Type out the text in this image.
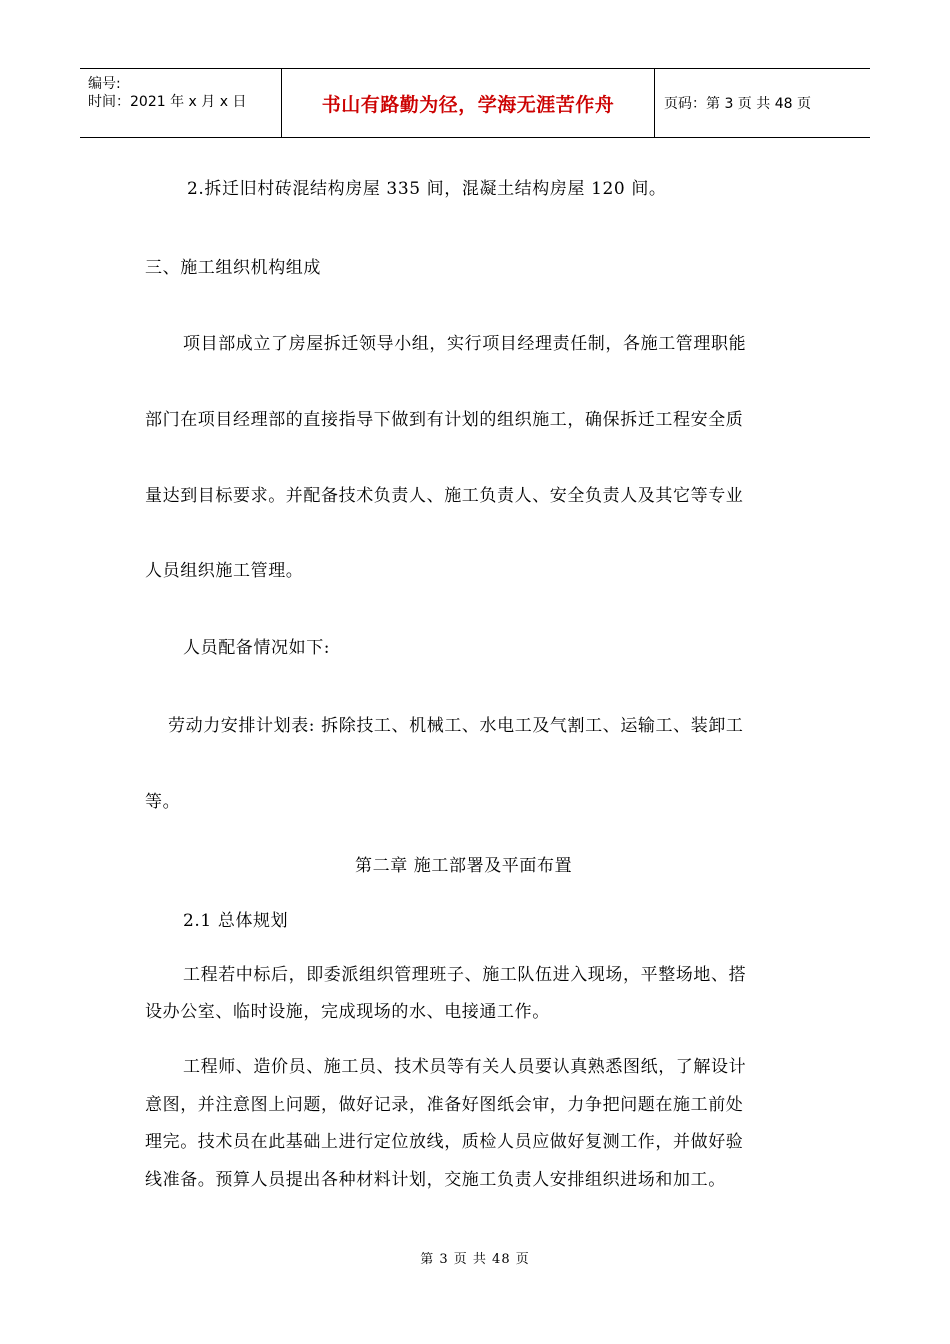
编号:
时间：2021 年 x 月 x 日	书山有路勤为径，学海无涯苦作舟	页码：第 3 页 共 48 页
2.拆迁旧村砖混结构房屋 335 间，混凝土结构房屋 120 间。
三、施工组织机构组成
项目部成立了房屋拆迁领导小组，实行项目经理责任制，各施工管理职能
部门在项目经理部的直接指导下做到有计划的组织施工，确保拆迁工程安全质
量达到目标要求。并配备技术负责人、施工负责人、安全负责人及其它等专业
人员组织施工管理。
人员配备情况如下:
劳动力安排计划表: 拆除技工、机械工、水电工及气割工、运输工、装卸工
等。
第二章 施工部署及平面布置
2.1 总体规划
工程若中标后，即委派组织管理班子、施工队伍进入现场，平整场地、搭
设办公室、临时设施，完成现场的水、电接通工作。
工程师、造价员、施工员、技术员等有关人员要认真熟悉图纸，了解设计
意图，并注意图上问题，做好记录，准备好图纸会审，力争把问题在施工前处
理完。技术员在此基础上进行定位放线，质检人员应做好复测工作，并做好验
线准备。预算人员提出各种材料计划，交施工负责人安排组织进场和加工。
第 3 页 共 48 页
